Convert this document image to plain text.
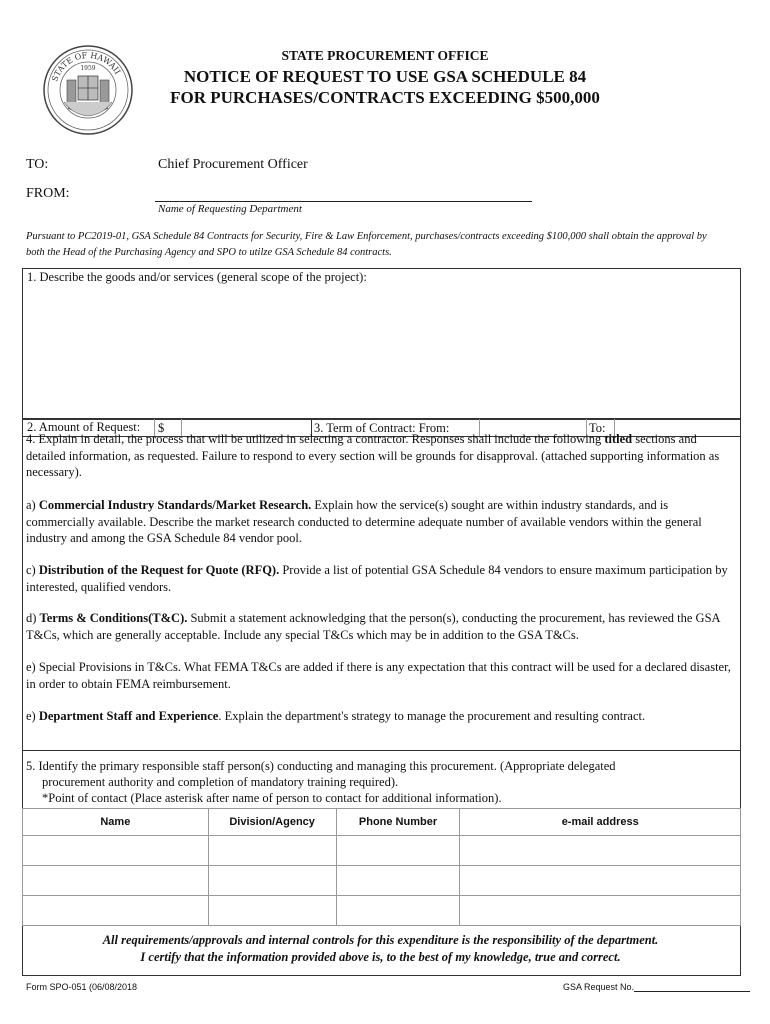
STATE OF HAWAII
1959
STATE PROCUREMENT OFFICE
NOTICE OF REQUEST TO USE GSA SCHEDULE 84
FOR PURCHASES/CONTRACTS EXCEEDING $500,000
TO:	Chief Procurement Officer
FROM:
Name of Requesting Department
Pursuant to PC2019-01, GSA Schedule 84 Contracts for Security, Fire & Law Enforcement, purchases/contracts exceeding $100,000 shall obtain the approval by both the Head of the Purchasing Agency and SPO to utilze GSA Schedule 84 contracts.
1. Describe the goods and/or services (general scope of the project):
2. Amount of Request:	$	3. Term of Contract: From:	To:
4. Explain in detail, the process that will be utilized in selecting a contractor. Responses shall include the following titled sections and detailed information, as requested. Failure to respond to every section will be grounds for disapproval. (attached supporting information as necessary).
a) Commercial Industry Standards/Market Research. Explain how the service(s) sought are within industry standards, and is commercially available. Describe the market research conducted to determine adequate number of available vendors within the general industry and among the GSA Schedule 84 vendor pool.
c) Distribution of the Request for Quote (RFQ). Provide a list of potential GSA Schedule 84 vendors to ensure maximum participation by interested, qualified vendors.
d) Terms & Conditions(T&C). Submit a statement acknowledging that the person(s), conducting the procurement, has reviewed the GSA T&Cs, which are generally acceptable. Include any special T&Cs which may be in addition to the GSA T&Cs.
e) Special Provisions in T&Cs. What FEMA T&Cs are added if there is any expectation that this contract will be used for a declared disaster, in order to obtain FEMA reimbursement.
e) Department Staff and Experience. Explain the department's strategy to manage the procurement and resulting contract.
5. Identify the primary responsible staff person(s) conducting and managing this procurement. (Appropriate delegated
procurement authority and completion of mandatory training required).
*Point of contact (Place asterisk after name of person to contact for additional information).
Name	Division/Agency	Phone Number	e-mail address

All requirements/approvals and internal controls for this expenditure is the responsibility of the department.
I certify that the information provided above is, to the best of my knowledge, true and correct.
Form SPO-051 (06/08/2018	GSA Request No.
